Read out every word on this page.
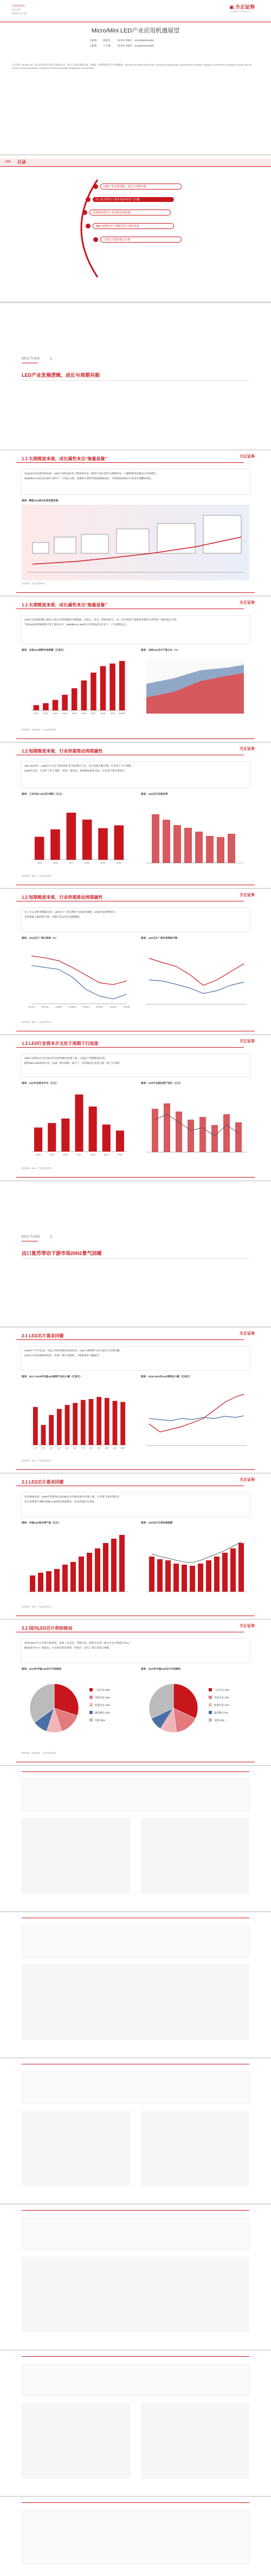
证券研究报告
电子行业
2021年 3月 5日
▣ 方正证券
FOUNDER SECURITIES
Micro/Mini LED产业应用机遇展望
分析师： 陈航杰	执业证书编号：S1220520010004
分析师： 马天翼	执业证书编号：S1220519110008
方正证券（601901.SH）是行业领先的大型综合类证券公司，致力于为客户提供交易、投融资、财富管理等全方位金融服务。Founder Securities (601901.SH), an industry-leading large comprehensive securities company, is committed to providing its clients with full services in stock transactions, investment & financing, wealth management, among others.
>> 目录
LED产业发展逻辑、成长与周期共振
出口复苏带动下游市场20H2景气回暖
高端LED带动产业持续发展机遇
Mini LED带动产业链技术与格局变化
主要公司投资机会分析
SECTION	1
LED产业发展逻辑，成长与周期共振
1.1 长期维度来看，成长属性来自“海量显像”	方正证券
从LED行业发展历程来看：LED行业的成长性主要体现为每一阶段产品应用的大规模普及，大量新增需求推动行业高增长。
Mini/Micro LED 是LED行业的下一个成长主线，高端显示将带来海量像素需求，有望推动LED芯片需求实现翻倍增长。
图表：微型LED显示应用发展历程
资料来源：方正证券研究所
1.1 长期维度来看，成长属性来自“海量显像”	方正证券
LED行业发展的核心驱动力来自应用领域的不断拓展，从指示、背光、照明到显示，每一次应用的大规模普及都为行业带来了新的成长空间。
当前LED照明渗透率已处于较高水平，Mini/Micro LED显示应用将成为行业下一个主要增长点。
图表：全球LED照明市场规模（亿美元）
2011 2012 2013 2014 2015 2016 2017 2018 2019 2020E
图表：全球LED芯片产能占比（%）
资料来源：LEDinside，方正证券研究所
1.2 短期维度来看，行业供需推动周期属性	方正证券
2017-2019年，LED芯片行业产能持续扩张导致供过于求，芯片价格大幅下降，行业进入下行周期。
2020年以来，行业扩产趋于理性，部分厂商退出，供需格局逐步改善，行业景气度有望回升。
图表：三安光电 LED芯片营收（亿元）
2015	2016	2017	2018	2019	2020
图表：LED芯片价格走势
资料来源：Wind，方正证券研究所
1.2 短期维度来看，行业供需推动周期属性	方正证券
从上市公司财务数据来看，LED芯片厂商毛利率于2019年触底，2020年起逐季回升。
存货周转天数持续下降，反映行业去库存进展顺利。
图表：LED芯片厂商毛利率（%）
2017Q1	2017Q3	2018Q1	2018Q3	2019Q1	2019Q3	2020Q1	2020Q3
图表：LED芯片厂商存货周转天数
资料来源：Wind，方正证券研究所
1.3 LED行业资本开支处于周期下行底部	方正证券
LED行业资本开支在2017年达到高峰后持续下滑，目前处于周期底部区域。
随着Mini LED需求启动，头部厂商开始新一轮扩产，有望推动行业进入新一轮上行周期。
图表：LED行业资本开支（亿元）
2014	2015	2016	2017	2018	2019	2020
图表：LED行业固定资产变化（亿元）
资料来源：Wind，方正证券研究所
SECTION	2
出口复苏带动下游市场20H2景气回暖
2.1 LED芯片需求回暖	方正证券
2020年下半年以来，受益于海外疫情后需求复苏，LED下游照明与显示屏出口显著回暖。
LED芯片需求端持续改善，头部厂商订单饱满，产能利用率大幅提升。
图表：2017-2019年中国LED照明产品出口额（亿美元）
1月 2月 3月 4月 5月 6月 7月 8月 9月 10月 11月 12月
图表：2019-2020年LED照明出口额（亿美元）
资料来源：Wind，方正证券研究所
2.1 LED芯片需求回暖	方正证券
从价格端来看，2020年四季度以来LED芯片价格企稳并出现上涨，行业景气度显著回升。
显示屏领域小间距及Mini LED需求快速增长，拉动高端芯片需求。
图表：中国LED显示屏产值（亿元）	图表：LED芯片月度价格指数
资料来源：Wind，方正证券研究所
2.2 国内LED芯片供给格局	方正证券
国内LED芯片行业集中度较高，头部三安光电、华灿光电、乾照光电等厂商合计市占率超过70%。
随着部分中小厂商退出，行业集中度有望进一步提升，龙头厂商议价能力增强。
图表：2019年中国LED芯片市场格局
三安光电 30%
华灿光电 15%
乾照光电 10%
澳洋顺昌 10%
其他 35%
图表：2020年中国LED芯片市场格局
三安光电 32%
华灿光电 16%
乾照光电 11%
澳洋顺昌 9%
其他 32%
资料来源：LEDinside，方正证券研究所
